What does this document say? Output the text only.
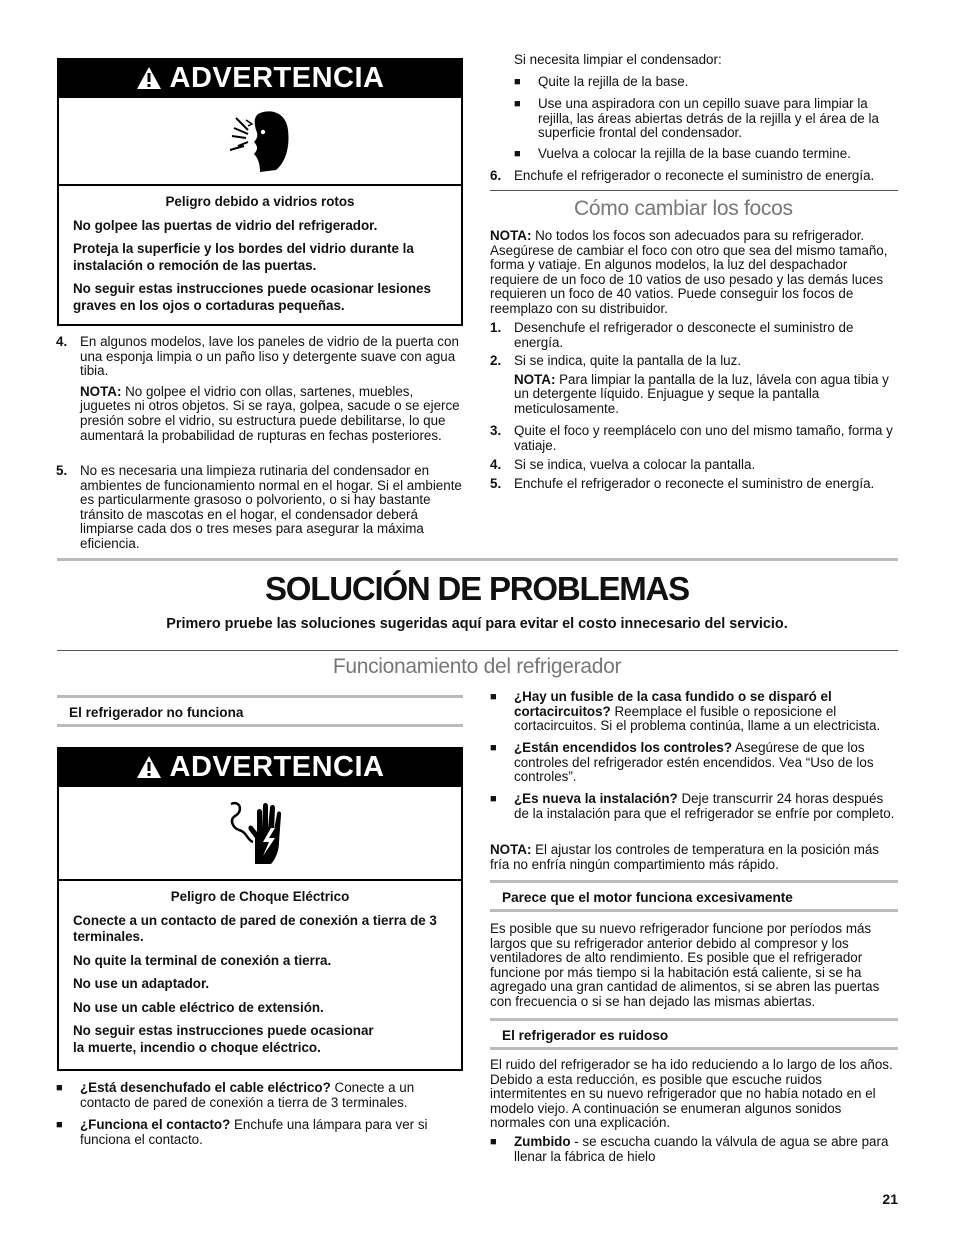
ADVERTENCIA

Peligro debido a vidrios rotos

No golpee las puertas de vidrio del refrigerador.

Proteja la superficie y los bordes del vidrio durante la instalación o remoción de las puertas.

No seguir estas instrucciones puede ocasionar lesiones graves en los ojos o cortaduras pequeñas.

4. En algunos modelos, lave los paneles de vidrio de la puerta con una esponja limpia o un paño liso y detergente suave con agua tibia.

NOTA: No golpee el vidrio con ollas, sartenes, muebles, juguetes ni otros objetos. Si se raya, golpea, sacude o se ejerce presión sobre el vidrio, su estructura puede debilitarse, lo que aumentará la probabilidad de rupturas en fechas posteriores.

5. No es necesaria una limpieza rutinaria del condensador en ambientes de funcionamiento normal en el hogar. Si el ambiente es particularmente grasoso o polvoriento, o si hay bastante tránsito de mascotas en el hogar, el condensador deberá limpiarse cada dos o tres meses para asegurar la máxima eficiencia.

Si necesita limpiar el condensador:

■	Quite la rejilla de la base.

■	Use una aspiradora con un cepillo suave para limpiar la rejilla, las áreas abiertas detrás de la rejilla y el área de la superficie frontal del condensador.

■	Vuelva a colocar la rejilla de la base cuando termine.

6. Enchufe el refrigerador o reconecte el suministro de energía.

Cómo cambiar los focos

NOTA: No todos los focos son adecuados para su refrigerador. Asegúrese de cambiar el foco con otro que sea del mismo tamaño, forma y vatiaje. En algunos modelos, la luz del despachador requiere de un foco de 10 vatios de uso pesado y las demás luces requieren un foco de 40 vatios. Puede conseguir los focos de reemplazo con su distribuidor.

1. Desenchufe el refrigerador o desconecte el suministro de energía.

2. Si se indica, quite la pantalla de la luz.

NOTA: Para limpiar la pantalla de la luz, lávela con agua tibia y un detergente líquido. Enjuague y seque la pantalla meticulosamente.

3. Quite el foco y reemplácelo con uno del mismo tamaño, forma y vatiaje.

4. Si se indica, vuelva a colocar la pantalla.

5. Enchufe el refrigerador o reconecte el suministro de energía.

SOLUCIÓN DE PROBLEMAS

Primero pruebe las soluciones sugeridas aquí para evitar el costo innecesario del servicio.

Funcionamiento del refrigerador
El refrigerador no funciona
ADVERTENCIA

Peligro de Choque Eléctrico

Conecte a un contacto de pared de conexión a tierra de 3 terminales.

No quite la terminal de conexión a tierra.

No use un adaptador.

No use un cable eléctrico de extensión.

No seguir estas instrucciones puede ocasionar la muerte, incendio o choque eléctrico.

■	¿Está desenchufado el cable eléctrico? Conecte a un contacto de pared de conexión a tierra de 3 terminales.

■	¿Funciona el contacto? Enchufe una lámpara para ver si funciona el contacto.

■	¿Hay un fusible de la casa fundido o se disparó el cortacircuitos? Reemplace el fusible o reposicione el cortacircuitos. Si el problema continúa, llame a un electricista.

■	¿Están encendidos los controles? Asegúrese de que los controles del refrigerador estén encendidos. Vea “Uso de los controles”.

■	¿Es nueva la instalación? Deje transcurrir 24 horas después de la instalación para que el refrigerador se enfríe por completo.

NOTA: El ajustar los controles de temperatura en la posición más fría no enfría ningún compartimiento más rápido.

Parece que el motor funciona excesivamente

Es posible que su nuevo refrigerador funcione por períodos más largos que su refrigerador anterior debido al compresor y los ventiladores de alto rendimiento. Es posible que el refrigerador funcione por más tiempo si la habitación está caliente, si se ha agregado una gran cantidad de alimentos, si se abren las puertas con frecuencia o si se han dejado las mismas abiertas.

El refrigerador es ruidoso

El ruido del refrigerador se ha ido reduciendo a lo largo de los años. Debido a esta reducción, es posible que escuche ruidos intermitentes en su nuevo refrigerador que no había notado en el modelo viejo. A continuación se enumeran algunos sonidos normales con una explicación.

■	Zumbido - se escucha cuando la válvula de agua se abre para llenar la fábrica de hielo

21
